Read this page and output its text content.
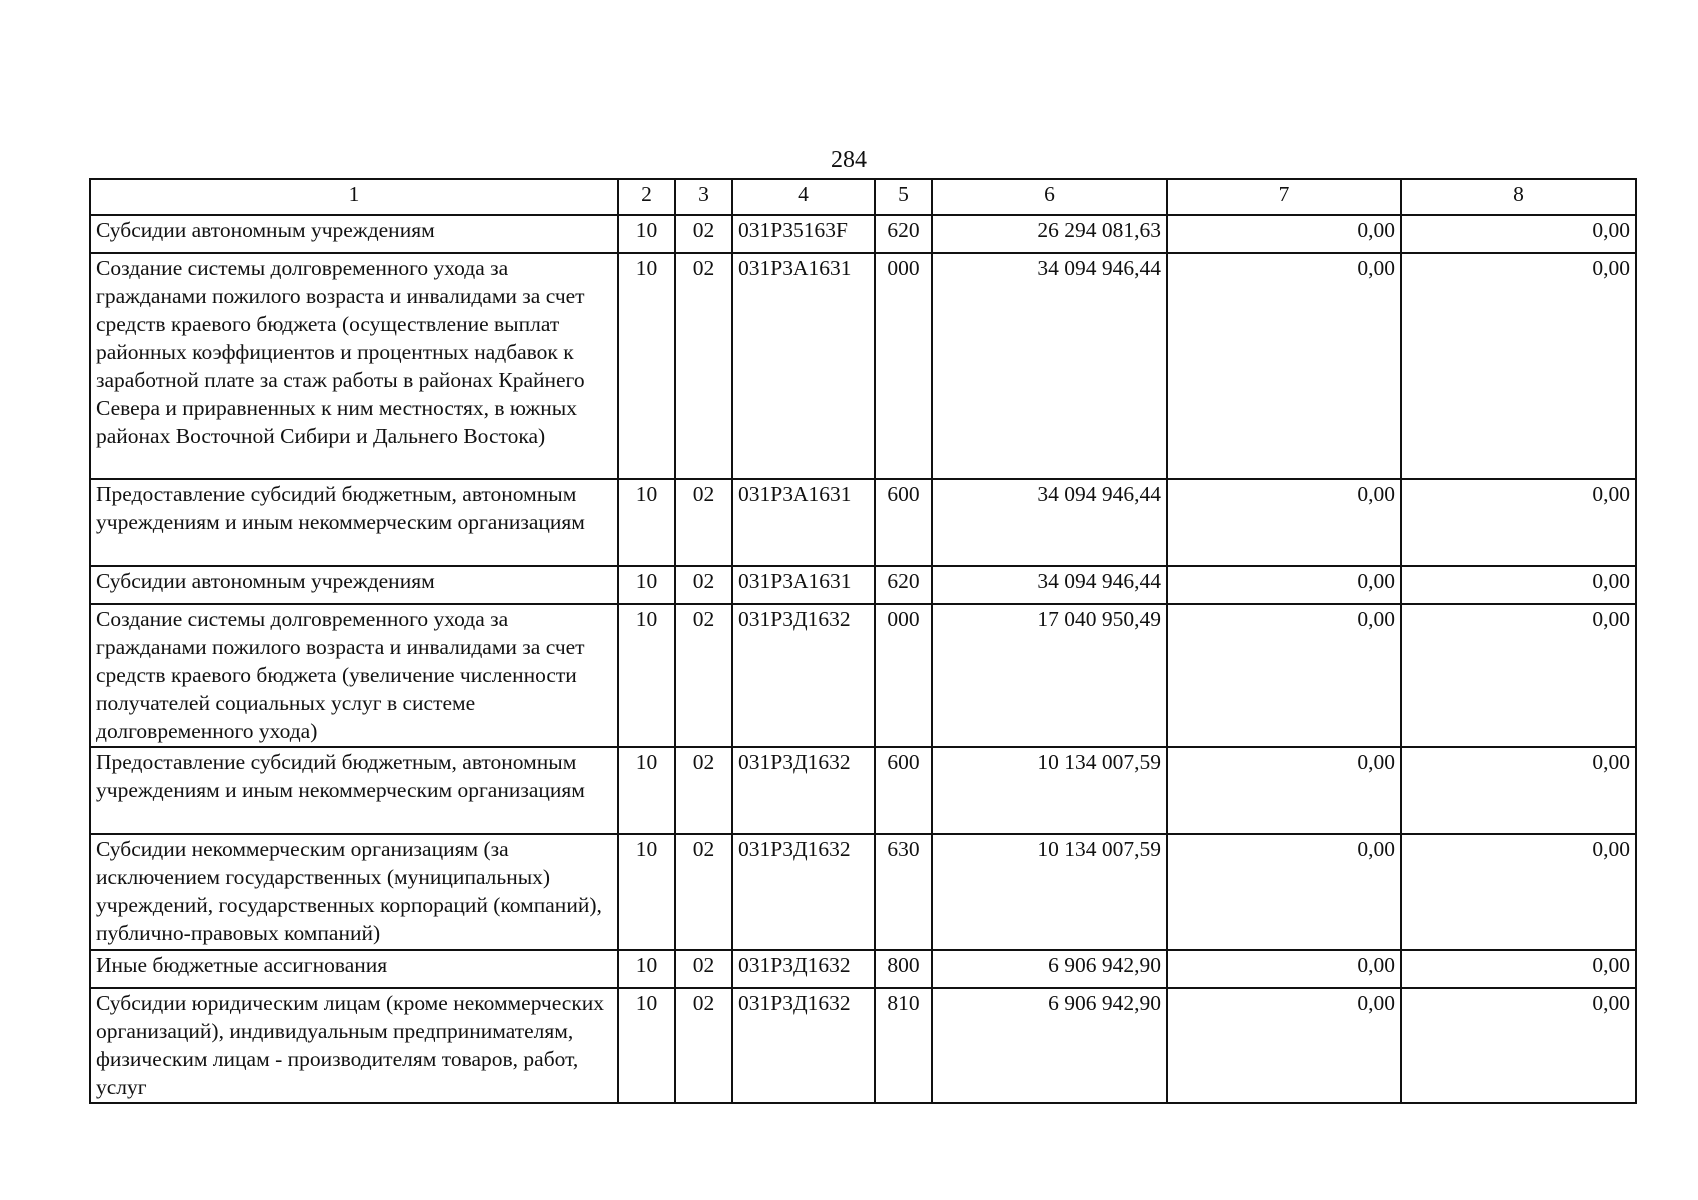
284
1	2	3	4	5	6	7	8
Субсидии автономным учреждениям	10	02	031Р35163F	620	26 294 081,63	0,00	0,00
Создание системы долговременного ухода за гражданами пожилого возраста и инвалидами за счет средств краевого бюджета (осуществление выплат районных коэффициентов и процентных надбавок к заработной плате за стаж работы в районах Крайнего Севера и приравненных к ним местностях, в южных районах Восточной Сибири и Дальнего Востока)	10	02	031Р3А1631	000	34 094 946,44	0,00	0,00
Предоставление субсидий бюджетным, автономным учреждениям и иным некоммерческим организациям	10	02	031Р3А1631	600	34 094 946,44	0,00	0,00
Субсидии автономным учреждениям	10	02	031Р3А1631	620	34 094 946,44	0,00	0,00
Создание системы долговременного ухода за гражданами пожилого возраста и инвалидами за счет средств краевого бюджета (увеличение численности получателей социальных услуг в системе долговременного ухода)	10	02	031Р3Д1632	000	17 040 950,49	0,00	0,00
Предоставление субсидий бюджетным, автономным учреждениям и иным некоммерческим организациям	10	02	031Р3Д1632	600	10 134 007,59	0,00	0,00
Субсидии некоммерческим организациям (за исключением государственных (муниципальных) учреждений, государственных корпораций (компаний), публично-правовых компаний)	10	02	031Р3Д1632	630	10 134 007,59	0,00	0,00
Иные бюджетные ассигнования	10	02	031Р3Д1632	800	6 906 942,90	0,00	0,00
Субсидии юридическим лицам (кроме некоммерческих организаций), индивидуальным предпринимателям, физическим лицам - производителям товаров, работ, услуг	10	02	031Р3Д1632	810	6 906 942,90	0,00	0,00
